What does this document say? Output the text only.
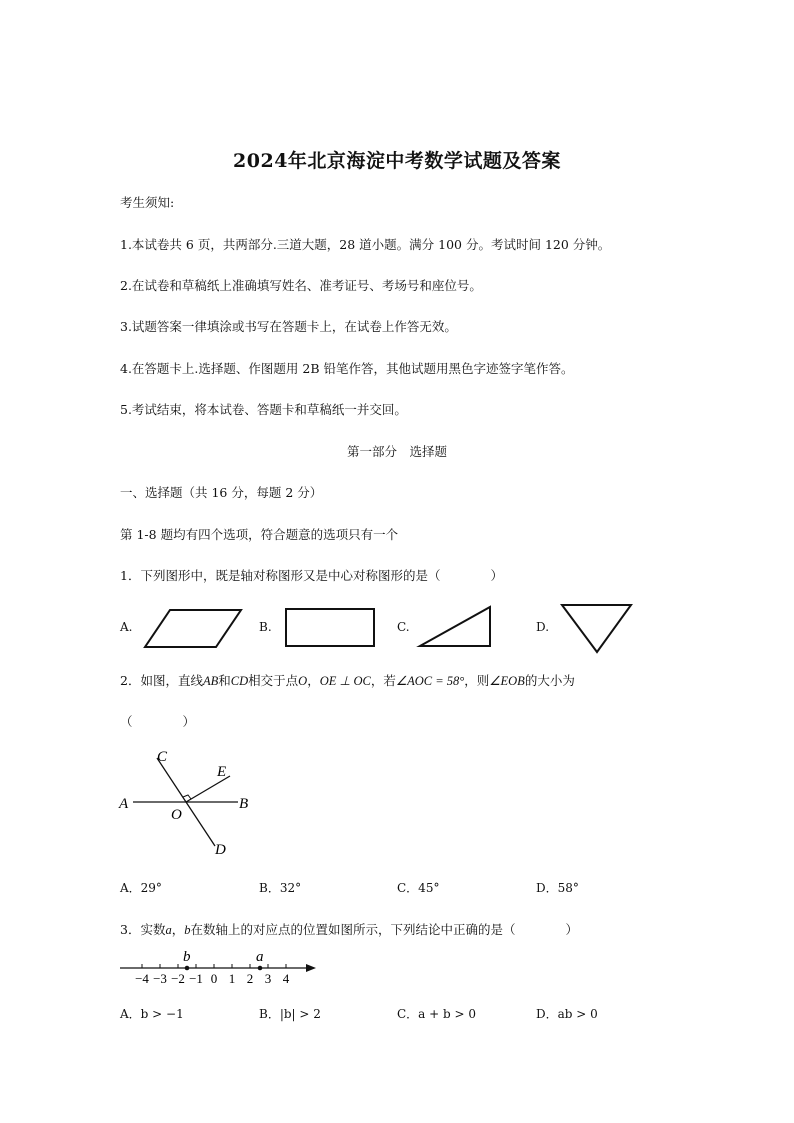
2024年北京海淀中考数学试题及答案
考生须知:
1.本试卷共 6 页，共两部分.三道大题，28 道小题。满分 100 分。考试时间 120 分钟。
2.在试卷和草稿纸上准确填写姓名、准考证号、考场号和座位号。
3.试题答案一律填涂或书写在答题卡上，在试卷上作答无效。
4.在答题卡上.选择题、作图题用 2B 铅笔作答，其他试题用黑色字迹签字笔作答。
5.考试结束，将本试卷、答题卡和草稿纸一并交回。
第一部分　选择题
一、选择题（共 16 分，每题 2 分）
第 1-8 题均有四个选项，符合题意的选项只有一个
1．下列图形中，既是轴对称图形又是中心对称图形的是（　　　　）
A.	B.	C.	D.
2．如图，直线AB和CD相交于点O，OE ⊥ OC，若∠AOC = 58°，则∠EOB的大小为
（　　　　）
A	B
C
D
E
O
A．29°	B．32°	C．45°	D．58°
3．实数a，b在数轴上的对应点的位置如图所示，下列结论中正确的是（　　　　）
−4 −3 −2 −1 0 1 2 3 4
b	a
A．b > −1	B．|b| > 2	C．a + b > 0	D．ab > 0
